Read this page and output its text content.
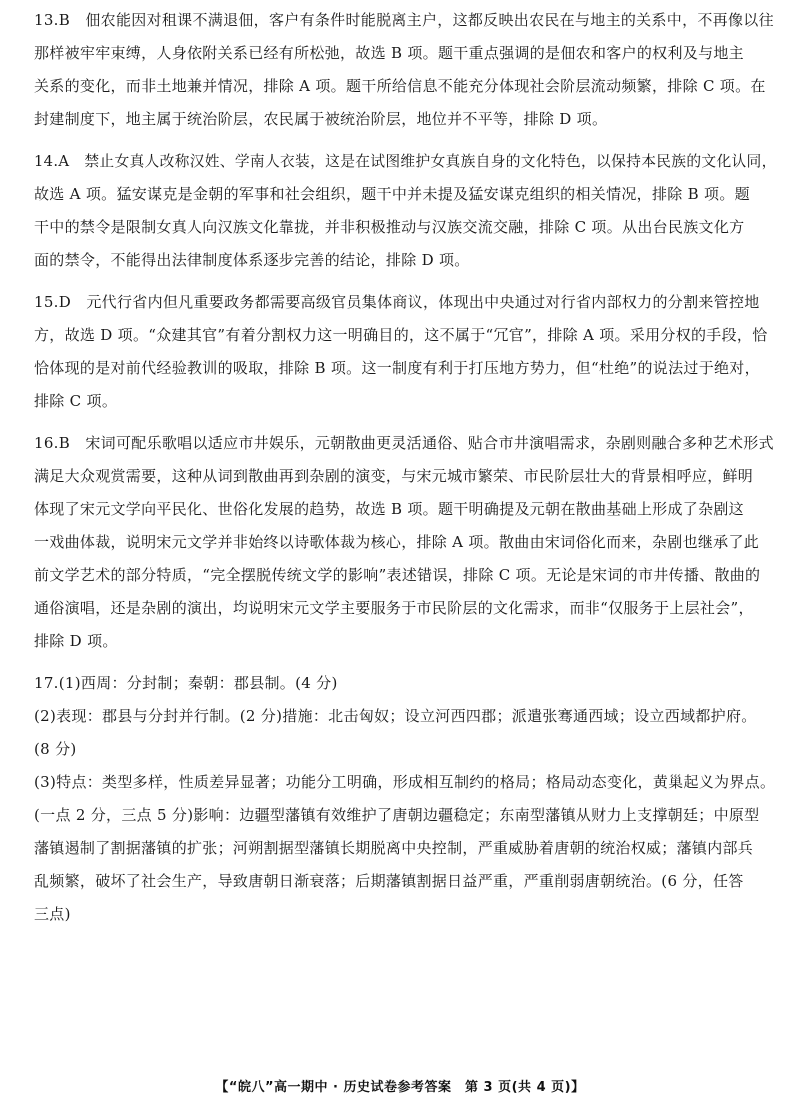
13.B　佃农能因对租课不满退佃，客户有条件时能脱离主户，这都反映出农民在与地主的关系中，不再像以往
那样被牢牢束缚，人身依附关系已经有所松弛，故选 B 项。题干重点强调的是佃农和客户的权利及与地主
关系的变化，而非土地兼并情况，排除 A 项。题干所给信息不能充分体现社会阶层流动频繁，排除 C 项。在
封建制度下，地主属于统治阶层，农民属于被统治阶层，地位并不平等，排除 D 项。
14.A　禁止女真人改称汉姓、学南人衣装，这是在试图维护女真族自身的文化特色，以保持本民族的文化认同，
故选 A 项。猛安谋克是金朝的军事和社会组织，题干中并未提及猛安谋克组织的相关情况，排除 B 项。题
干中的禁令是限制女真人向汉族文化靠拢，并非积极推动与汉族交流交融，排除 C 项。从出台民族文化方
面的禁令，不能得出法律制度体系逐步完善的结论，排除 D 项。
15.D　元代行省内但凡重要政务都需要高级官员集体商议，体现出中央通过对行省内部权力的分割来管控地
方，故选 D 项。“众建其官”有着分割权力这一明确目的，这不属于“冗官”，排除 A 项。采用分权的手段，恰
恰体现的是对前代经验教训的吸取，排除 B 项。这一制度有利于打压地方势力，但“杜绝”的说法过于绝对，
排除 C 项。
16.B　宋词可配乐歌唱以适应市井娱乐，元朝散曲更灵活通俗、贴合市井演唱需求，杂剧则融合多种艺术形式
满足大众观赏需要，这种从词到散曲再到杂剧的演变，与宋元城市繁荣、市民阶层壮大的背景相呼应，鲜明
体现了宋元文学向平民化、世俗化发展的趋势，故选 B 项。题干明确提及元朝在散曲基础上形成了杂剧这
一戏曲体裁，说明宋元文学并非始终以诗歌体裁为核心，排除 A 项。散曲由宋词俗化而来，杂剧也继承了此
前文学艺术的部分特质，“完全摆脱传统文学的影响”表述错误，排除 C 项。无论是宋词的市井传播、散曲的
通俗演唱，还是杂剧的演出，均说明宋元文学主要服务于市民阶层的文化需求，而非“仅服务于上层社会”，
排除 D 项。
17.(1)西周：分封制；秦朝：郡县制。(4 分)
(2)表现：郡县与分封并行制。(2 分)措施：北击匈奴；设立河西四郡；派遣张骞通西域；设立西域都护府。
(8 分)
(3)特点：类型多样，性质差异显著；功能分工明确，形成相互制约的格局；格局动态变化，黄巢起义为界点。
(一点 2 分，三点 5 分)影响：边疆型藩镇有效维护了唐朝边疆稳定；东南型藩镇从财力上支撑朝廷；中原型
藩镇遏制了割据藩镇的扩张；河朔割据型藩镇长期脱离中央控制，严重威胁着唐朝的统治权威；藩镇内部兵
乱频繁，破坏了社会生产，导致唐朝日渐衰落；后期藩镇割据日益严重，严重削弱唐朝统治。(6 分，任答
三点)
【“皖八”高一期中 · 历史试卷参考答案　第 3 页(共 4 页)】
